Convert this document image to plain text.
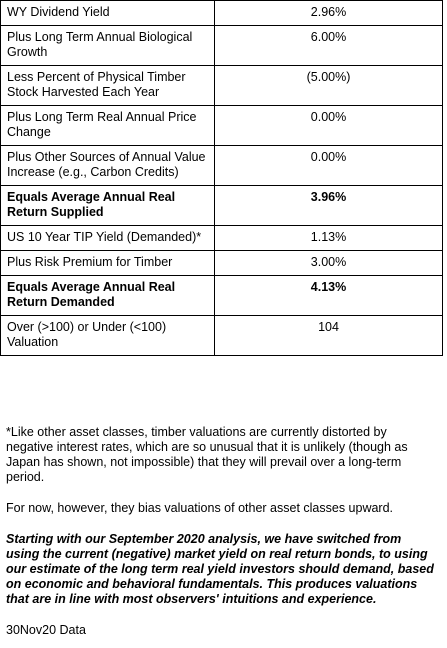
WY Dividend Yield	2.96%
Plus Long Term Annual Biological Growth	6.00%
Less Percent of Physical Timber Stock Harvested Each Year	(5.00%)
Plus Long Term Real Annual Price Change	0.00%
Plus Other Sources of Annual Value Increase (e.g., Carbon Credits)	0.00%
Equals Average Annual Real Return Supplied	3.96%
US 10 Year TIP Yield (Demanded)*	1.13%
Plus Risk Premium for Timber	3.00%
Equals Average Annual Real Return Demanded	4.13%
Over (>100) or Under (<100) Valuation	104

*Like other asset classes, timber valuations are currently distorted by negative interest rates, which are so unusual that it is unlikely (though as Japan has shown, not impossible) that they will prevail over a long-term period.

For now, however, they bias valuations of other asset classes upward.

Starting with our September 2020 analysis, we have switched from using the current (negative) market yield on real return bonds, to using our estimate of the long term real yield investors should demand, based on economic and behavioral fundamentals. This produces valuations that are in line with most observers' intuitions and experience.

30Nov20 Data
